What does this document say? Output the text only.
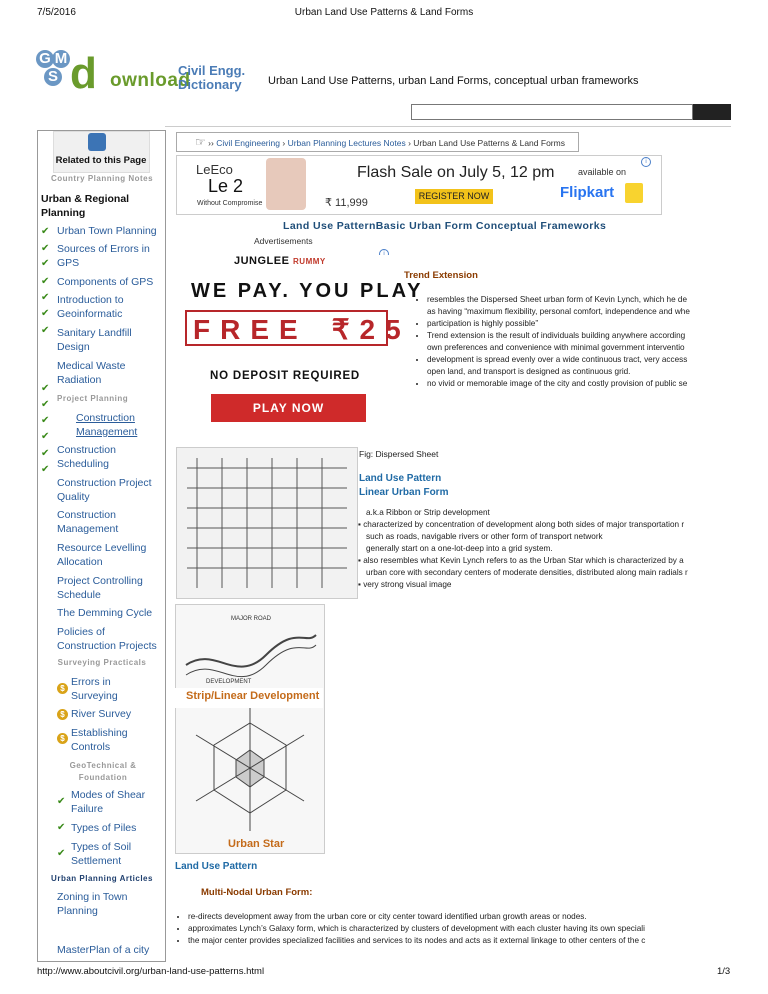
7/5/2016	Urban Land Use Patterns & Land Forms
G M
S d ownload
Civil Engg.
Dictionary	Urban Land Use Patterns, urban Land Forms, conceptual urban frameworks
Related to this Page
Country Planning Notes
Urban & Regional Planning
✔
✔
✔
✔
✔
✔
✔
✔
✔
✔
✔
✔
✔
Urban Town Planning
Sources of Errors in GPS
Components of GPS
Introduction to Geoinformatic
Sanitary Landfill Design
Medical Waste Radiation
Project Planning
Construction Management
Construction Scheduling
Construction Project Quality
Construction Management
Resource Levelling Allocation
Project Controlling Schedule
The Demming Cycle
Policies of Construction Projects
Surveying Practicals
$
$
$
Errors in Surveying
River Survey
Establishing Controls
GeoTechnical & Foundation
✔
✔
✔
Modes of Shear Failure
Types of Piles
Types of Soil Settlement
Urban Planning Articles
Zoning in Town Planning
MasterPlan of a city
☞ ›› Civil Engineering › Urban Planning Lectures Notes › Urban Land Use Patterns & Land Forms
LeEco
Le 2
Without Compromise
Flash Sale on July 5, 12 pm
₹ 11,999
REGISTER NOW
available on
Flipkart
i
Land Use PatternBasic Urban Form Conceptual Frameworks
Advertisements
i
JUNGLEE RUMMY
WE PAY. YOU PLAY
FREE ₹25
NO DEPOSIT REQUIRED
PLAY NOW
Trend Extension
• resembles the Dispersed Sheet urban form of Kevin Lynch, which he de
as having “maximum flexibility, personal comfort, independence and whe
• participation is highly possible”
• Trend extension is the result of individuals building anywhere according
own preferences and convenience with minimal government interventio
• development is spread evenly over a wide continuous tract, very access
open land, and transport is designed as continuous grid.
• no vivid or memorable image of the city and costly provision of public se
Fig: Dispersed Sheet
Land Use Pattern
Linear Urban Form
a.k.a Ribbon or Strip development
▪ characterized by concentration of development along both sides of major transportation r
such as roads, navigable rivers or other form of transport network
generally start on a one-lot-deep into a grid system.
▪ also resembles what Kevin Lynch refers to as the Urban Star which is characterized by a
urban core with secondary centers of moderate densities, distributed along main radials r
▪ very strong visual image
MAJOR ROAD
DEVELOPMENT
Strip/Linear Development
Urban Star
Land Use Pattern
Multi-Nodal Urban Form:
• re-directs development away from the urban core or city center toward identified urban growth areas or nodes.
• approximates Lynch’s Galaxy form, which is characterized by clusters of development with each cluster having its own speciali
• the major center provides specialized facilities and services to its nodes and acts as it external linkage to other centers of the c
http://www.aboutcivil.org/urban-land-use-patterns.html	1/3
